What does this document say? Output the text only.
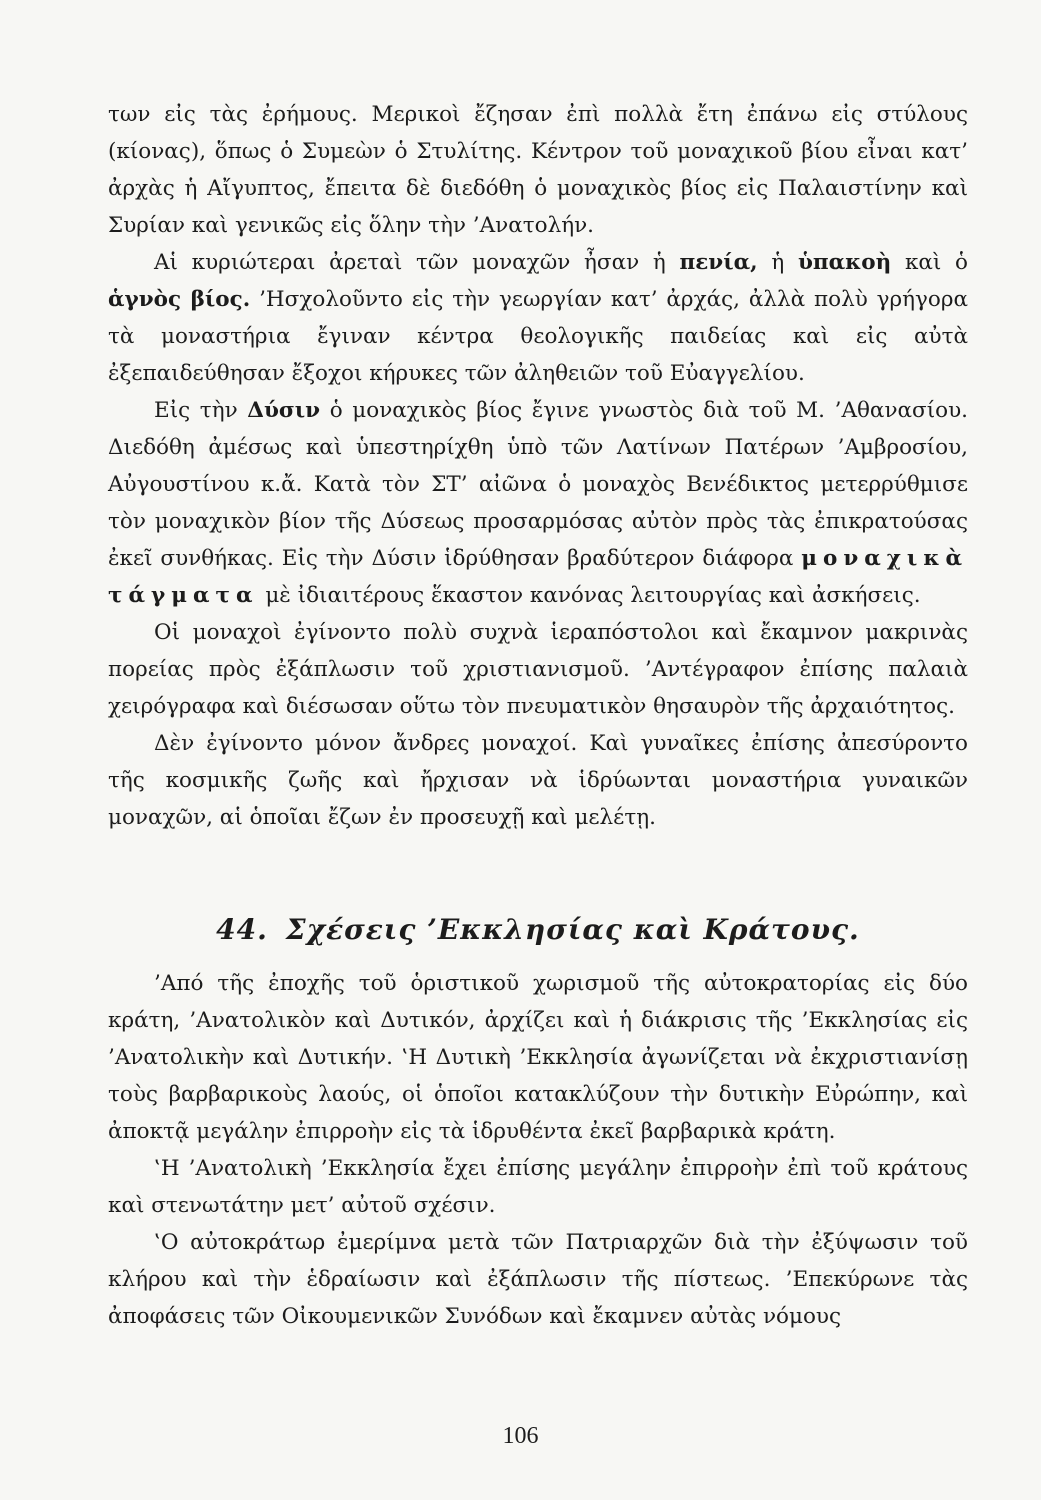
των εἰς τὰς ἐρήμους. Μερικοὶ ἔζησαν ἐπὶ πολλὰ ἔτη ἐπάνω εἰς στύλους (κίονας), ὅπως ὁ Συμεὼν ὁ Στυλίτης. Κέντρον τοῦ μοναχικοῦ βίου εἶναι κατ’ ἀρχὰς ἡ Αἴγυπτος, ἔπειτα δὲ διεδόθη ὁ μοναχικὸς βίος εἰς Παλαιστίνην καὶ Συρίαν καὶ γενικῶς εἰς ὅλην τὴν ’Ανατολήν.

Αἱ κυριώτεραι ἀρεταὶ τῶν μοναχῶν ἦσαν ἡ πενία, ἡ ὑπακοὴ καὶ ὁ ἁγνὸς βίος. ’Ησχολοῦντο εἰς τὴν γεωργίαν κατ’ ἀρχάς, ἀλλὰ πολὺ γρήγορα τὰ μοναστήρια ἔγιναν κέντρα θεολογικῆς παιδείας καὶ εἰς αὐτὰ ἐξεπαιδεύθησαν ἔξοχοι κήρυκες τῶν ἀληθειῶν τοῦ Εὐαγγελίου.

Εἰς τὴν Δύσιν ὁ μοναχικὸς βίος ἔγινε γνωστὸς διὰ τοῦ Μ. ’Αθανασίου. Διεδόθη ἀμέσως καὶ ὑπεστηρίχθη ὑπὸ τῶν Λατίνων Πατέρων ’Αμβροσίου, Αὐγουστίνου κ.ἄ. Κατὰ τὸν ΣΤ’ αἰῶνα ὁ μοναχὸς Βενέδικτος μετερρύθμισε τὸν μοναχικὸν βίον τῆς Δύσεως προσαρμόσας αὐτὸν πρὸς τὰς ἐπικρατούσας ἐκεῖ συνθήκας. Εἰς τὴν Δύσιν ἱδρύθησαν βραδύτερον διάφορα μοναχικὰ τάγματα μὲ ἰδιαιτέρους ἕκαστον κανόνας λειτουργίας καὶ ἀσκήσεις.

Οἱ μοναχοὶ ἐγίνοντο πολὺ συχνὰ ἱεραπόστολοι καὶ ἔκαμνον μακρινὰς πορείας πρὸς ἐξάπλωσιν τοῦ χριστιανισμοῦ. ’Αντέγραφον ἐπίσης παλαιὰ χειρόγραφα καὶ διέσωσαν οὕτω τὸν πνευματικὸν θησαυρὸν τῆς ἀρχαιότητος.

Δὲν ἐγίνοντο μόνον ἄνδρες μοναχοί. Καὶ γυναῖκες ἐπίσης ἀπεσύροντο τῆς κοσμικῆς ζωῆς καὶ ἤρχισαν νὰ ἱδρύωνται μοναστήρια γυναικῶν μοναχῶν, αἱ ὁποῖαι ἔζων ἐν προσευχῇ καὶ μελέτῃ.

44. Σχέσεις ’Εκκλησίας καὶ Κράτους.

’Από τῆς ἐποχῆς τοῦ ὁριστικοῦ χωρισμοῦ τῆς αὐτοκρατορίας εἰς δύο κράτη, ’Ανατολικὸν καὶ Δυτικόν, ἀρχίζει καὶ ἡ διάκρισις τῆς ’Εκκλησίας εἰς ’Ανατολικὴν καὶ Δυτικήν. ‛Η Δυτικὴ ’Εκκλησία ἀγωνίζεται νὰ ἐκχριστιανίσῃ τοὺς βαρβαρικοὺς λαούς, οἱ ὁποῖοι κατακλύζουν τὴν δυτικὴν Εὐρώπην, καὶ ἀποκτᾷ μεγάλην ἐπιρροὴν εἰς τὰ ἱδρυθέντα ἐκεῖ βαρβαρικὰ κράτη.

‛Η ’Ανατολικὴ ’Εκκλησία ἔχει ἐπίσης μεγάλην ἐπιρροὴν ἐπὶ τοῦ κράτους καὶ στενωτάτην μετ’ αὐτοῦ σχέσιν.

‛Ο αὐτοκράτωρ ἐμερίμνα μετὰ τῶν Πατριαρχῶν διὰ τὴν ἐξύψωσιν τοῦ κλήρου καὶ τὴν ἑδραίωσιν καὶ ἐξάπλωσιν τῆς πίστεως. ’Επεκύρωνε τὰς ἀποφάσεις τῶν Οἰκουμενικῶν Συνόδων καὶ ἔκαμνεν αὐτὰς νόμους

106
